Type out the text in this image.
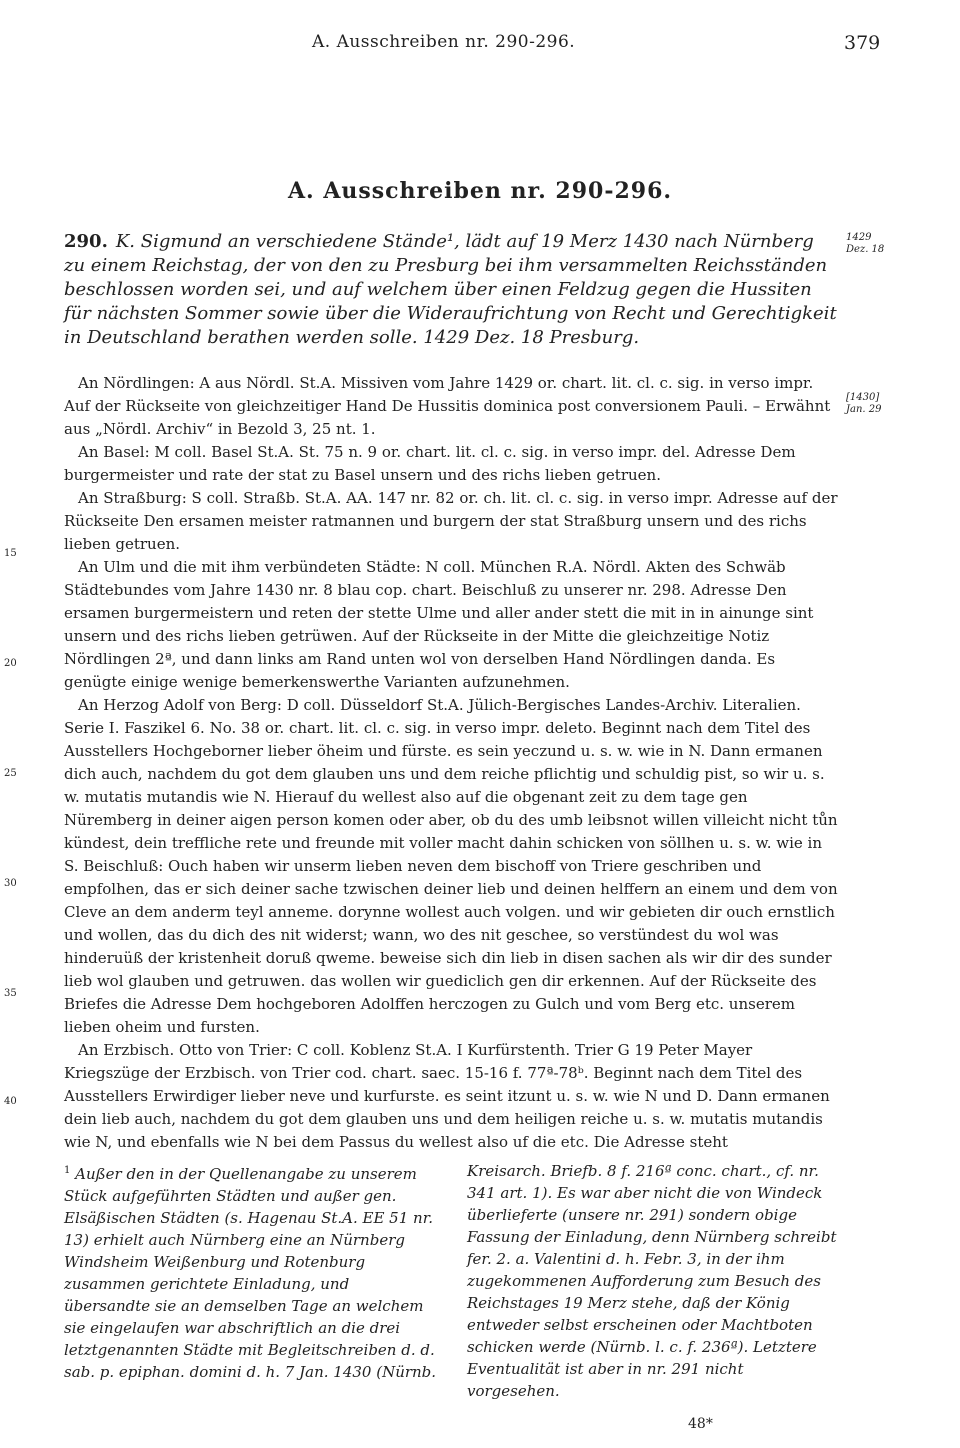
A. Ausschreiben nr. 290-296.	379
A. Ausschreiben nr. 290-296.
290. K. Sigmund an verschiedene Stände¹, lädt auf 19 Merz 1430 nach Nürnberg zu einem Reichstag, der von den zu Presburg bei ihm versammelten Reichsständen beschlossen worden sei, und auf welchem über einen Feldzug gegen die Hussiten für nächsten Sommer sowie über die Wideraufrichtung von Recht und Gerechtigkeit in Deutschland berathen werden solle. 1429 Dez. 18 Presburg.
1429
Dez. 18
[1430]
Jan. 29
15
20
25
30
35
40

An Nördlingen: A aus Nördl. St.A. Missiven vom Jahre 1429 or. chart. lit. cl. c. sig. in verso impr. Auf der Rückseite von gleichzeitiger Hand De Hussitis dominica post conversionem Pauli. – Erwähnt aus „Nördl. Archiv“ in Bezold 3, 25 nt. 1.

An Basel: M coll. Basel St.A. St. 75 n. 9 or. chart. lit. cl. c. sig. in verso impr. del. Adresse Dem burgermeister und rate der stat zu Basel unsern und des richs lieben getruen.

An Straßburg: S coll. Straßb. St.A. AA. 147 nr. 82 or. ch. lit. cl. c. sig. in verso impr. Adresse auf der Rückseite Den ersamen meister ratmannen und burgern der stat Straßburg unsern und des richs lieben getruen.

An Ulm und die mit ihm verbündeten Städte: N coll. München R.A. Nördl. Akten des Schwäb Städtebundes vom Jahre 1430 nr. 8 blau cop. chart. Beischluß zu unserer nr. 298. Adresse Den ersamen burgermeistern und reten der stette Ulme und aller ander stett die mit in in ainunge sint unsern und des richs lieben getrüwen. Auf der Rückseite in der Mitte die gleichzeitige Notiz Nördlingen 2ª, und dann links am Rand unten wol von derselben Hand Nördlingen danda. Es genügte einige wenige bemerkenswerthe Varianten aufzunehmen.

An Herzog Adolf von Berg: D coll. Düsseldorf St.A. Jülich-Bergisches Landes-Archiv. Literalien. Serie I. Faszikel 6. No. 38 or. chart. lit. cl. c. sig. in verso impr. deleto. Beginnt nach dem Titel des Ausstellers Hochgeborner lieber öheim und fürste. es sein yeczund u. s. w. wie in N. Dann ermanen dich auch, nachdem du got dem glauben uns und dem reiche pflichtig und schuldig pist, so wir u. s. w. mutatis mutandis wie N. Hierauf du wellest also auf die obgenant zeit zu dem tage gen Nüremberg in deiner aigen person komen oder aber, ob du des umb leibsnot willen villeicht nicht tůn kündest, dein treffliche rete und freunde mit voller macht dahin schicken von söllhen u. s. w. wie in S. Beischluß: Ouch haben wir unserm lieben neven dem bischoff von Triere geschriben und empfolhen, das er sich deiner sache tzwischen deiner lieb und deinen helffern an einem und dem von Cleve an dem anderm teyl anneme. dorynne wollest auch volgen. und wir gebieten dir ouch ernstlich und wollen, das du dich des nit widerst; wann, wo des nit geschee, so verstündest du wol was hinderuüß der kristenheit doruß qweme. beweise sich din lieb in disen sachen als wir dir des sunder lieb wol glauben und getruwen. das wollen wir guediclich gen dir erkennen. Auf der Rückseite des Briefes die Adresse Dem hochgeboren Adolffen herczogen zu Gulch und vom Berg etc. unserem lieben oheim und fursten.

An Erzbisch. Otto von Trier: C coll. Koblenz St.A. I Kurfürstenth. Trier G 19 Peter Mayer Kriegszüge der Erzbisch. von Trier cod. chart. saec. 15-16 f. 77ª-78ᵇ. Beginnt nach dem Titel des Ausstellers Erwirdiger lieber neve und kurfurste. es seint itzunt u. s. w. wie N und D. Dann ermanen dein lieb auch, nachdem du got dem glauben uns und dem heiligen reiche u. s. w. mutatis mutandis wie N, und ebenfalls wie N bei dem Passus du wellest also uf die etc. Die Adresse steht

$^1$ Außer den in der Quellenangabe zu unserem Stück aufgeführten Städten und außer gen. Elsäßischen Städten (s. Hagenau St.A. EE 51 nr. 13) erhielt auch Nürnberg eine an Nürnberg Windsheim Weißenburg und Rotenburg zusammen gerichtete Einladung, und übersandte sie an demselben Tage an welchem sie eingelaufen war abschriftlich an die drei letztgenannten Städte mit Begleitschreiben d. d. sab. p. epiphan. domini d. h. 7 Jan. 1430 (Nürnb. Kreisarch. Briefb. 8 f. 216ª conc. chart., cf. nr. 341 art. 1). Es war aber nicht die von Windeck überlieferte (unsere nr. 291) sondern obige Fassung der Einladung, denn Nürnberg schreibt fer. 2. a. Valentini d. h. Febr. 3, in der ihm zugekommenen Aufforderung zum Besuch des Reichstages 19 Merz stehe, daß der König entweder selbst erscheinen oder Machtboten schicken werde (Nürnb. l. c. f. 236ª). Letztere Eventualität ist aber in nr. 291 nicht vorgesehen.
48*
